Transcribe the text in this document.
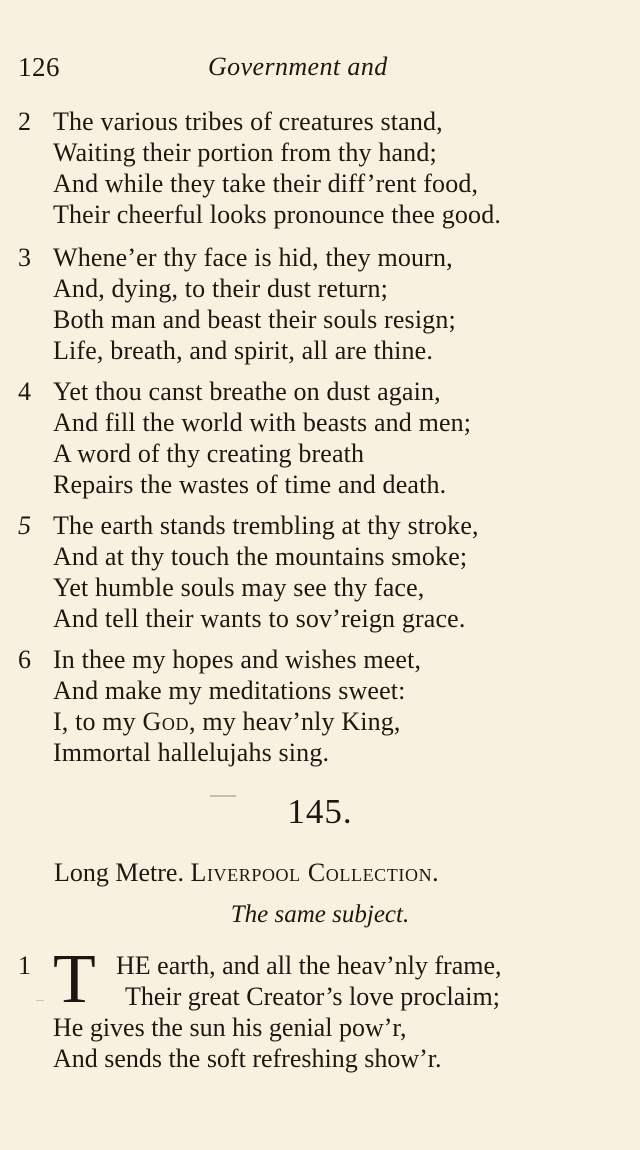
126	Government and
2 The various tribes of creatures stand,
Waiting their portion from thy hand;
And while they take their diff’rent food,
Their cheerful looks pronounce thee good.
3 Whene’er thy face is hid, they mourn,
And, dying, to their dust return;
Both man and beast their souls resign;
Life, breath, and spirit, all are thine.
4 Yet thou canst breathe on dust again,
And fill the world with beasts and men;
A word of thy creating breath
Repairs the wastes of time and death.
5 The earth stands trembling at thy stroke,
And at thy touch the mountains smoke;
Yet humble souls may see thy face,
And tell their wants to sov’reign grace.
6 In thee my hopes and wishes meet,
And make my meditations sweet:
I, to my God, my heav’nly King,
Immortal hallelujahs sing.
145.
Long Metre. Liverpool Collection.
The same subject.
1 T HE earth, and all the heav’nly frame,
Their great Creator’s love proclaim;
He gives the sun his genial pow’r,
And sends the soft refreshing show’r.
